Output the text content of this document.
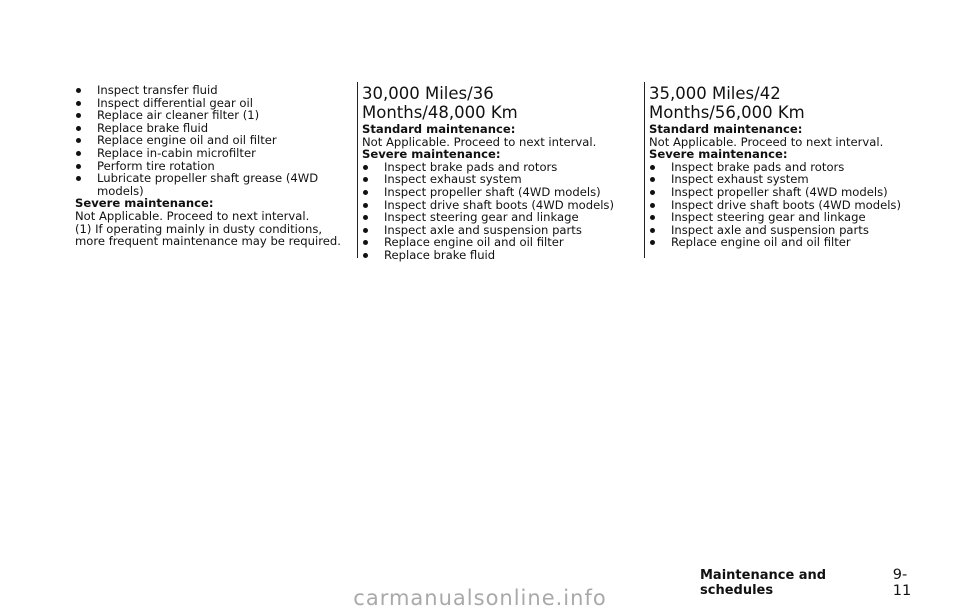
Inspect transfer fluid
Inspect differential gear oil
Replace air cleaner filter (1)
Replace brake fluid
Replace engine oil and oil filter
Replace in-cabin microfilter
Perform tire rotation
Lubricate propeller shaft grease (4WD models)

Severe maintenance:

Not Applicable. Proceed to next interval.

(1) If operating mainly in dusty conditions, more frequent maintenance may be required.

30,000 Miles/36 Months/48,000 Km

Standard maintenance:

Not Applicable. Proceed to next interval.

Severe maintenance:

Inspect brake pads and rotors
Inspect exhaust system
Inspect propeller shaft (4WD models)
Inspect drive shaft boots (4WD models)
Inspect steering gear and linkage
Inspect axle and suspension parts
Replace engine oil and oil filter
Replace brake fluid
35,000 Miles/42 Months/56,000 Km

Standard maintenance:

Not Applicable. Proceed to next interval.

Severe maintenance:

Inspect brake pads and rotors
Inspect exhaust system
Inspect propeller shaft (4WD models)
Inspect drive shaft boots (4WD models)
Inspect steering gear and linkage
Inspect axle and suspension parts
Replace engine oil and oil filter
Maintenance and schedules
9-11
carmanualsonline.info
